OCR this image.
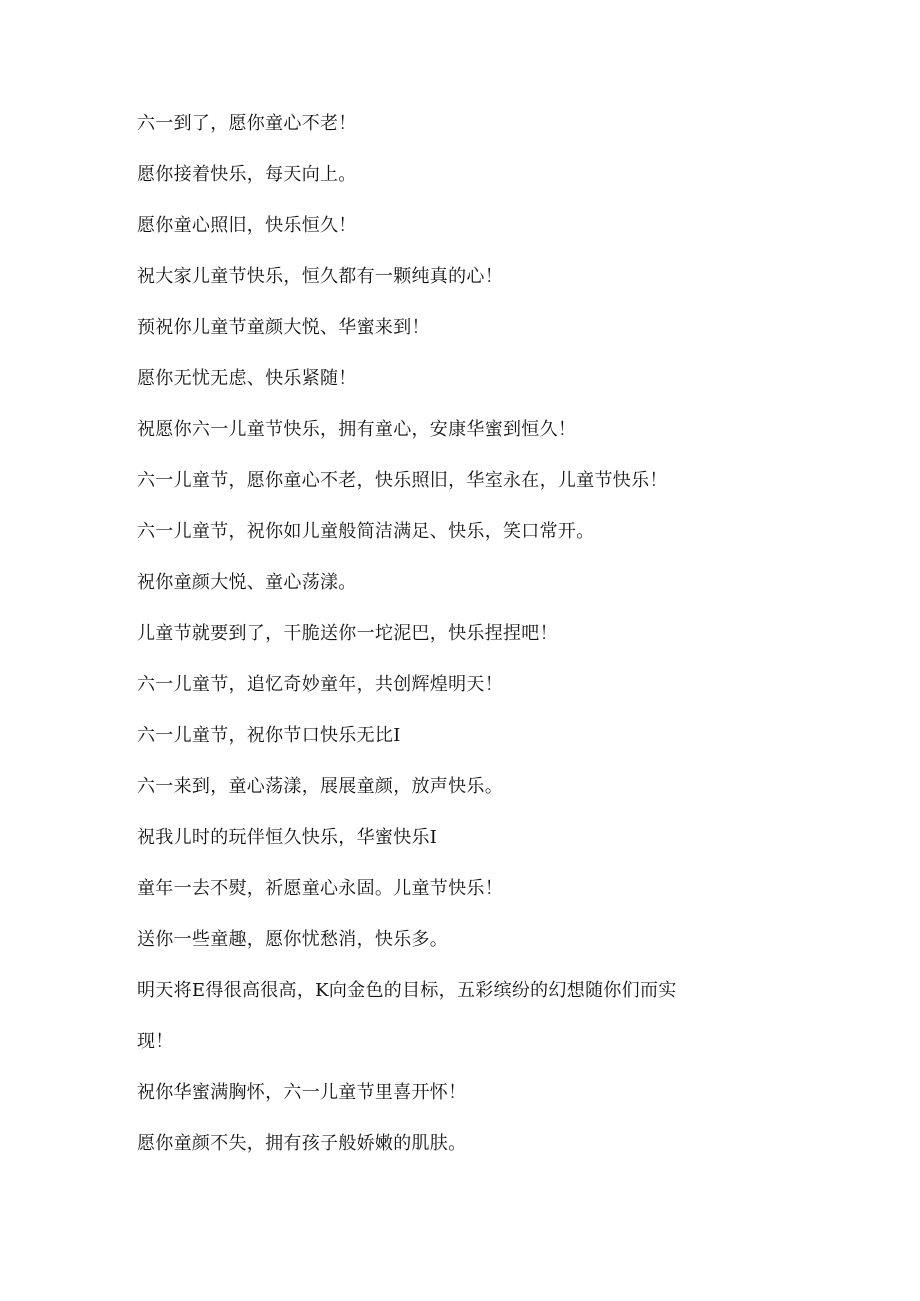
六一到了，愿你童心不老！

愿你接着快乐，每天向上。

愿你童心照旧，快乐恒久！

祝大家儿童节快乐，恒久都有一颗纯真的心！

预祝你儿童节童颜大悦、华蜜来到！

愿你无忧无虑、快乐紧随！

祝愿你六一儿童节快乐，拥有童心，安康华蜜到恒久！

六一儿童节，愿你童心不老，快乐照旧，华室永在，儿童节快乐！

六一儿童节，祝你如儿童般简洁满足、快乐，笑口常开。

祝你童颜大悦、童心荡漾。

儿童节就要到了，干脆送你一坨泥巴，快乐捏捏吧！

六一儿童节，追忆奇妙童年，共创辉煌明天！

六一儿童节，祝你节口快乐无比I

六一来到，童心荡漾，展展童颜，放声快乐。

祝我儿时的玩伴恒久快乐，华蜜快乐I

童年一去不熨，祈愿童心永固。儿童节快乐！

送你一些童趣，愿你忧愁消，快乐多。

明天将E得很高很高，K向金色的目标，五彩缤纷的幻想随你们而实

现！

祝你华蜜满胸怀，六一儿童节里喜开怀！

愿你童颜不失，拥有孩子般娇嫩的肌肤。
